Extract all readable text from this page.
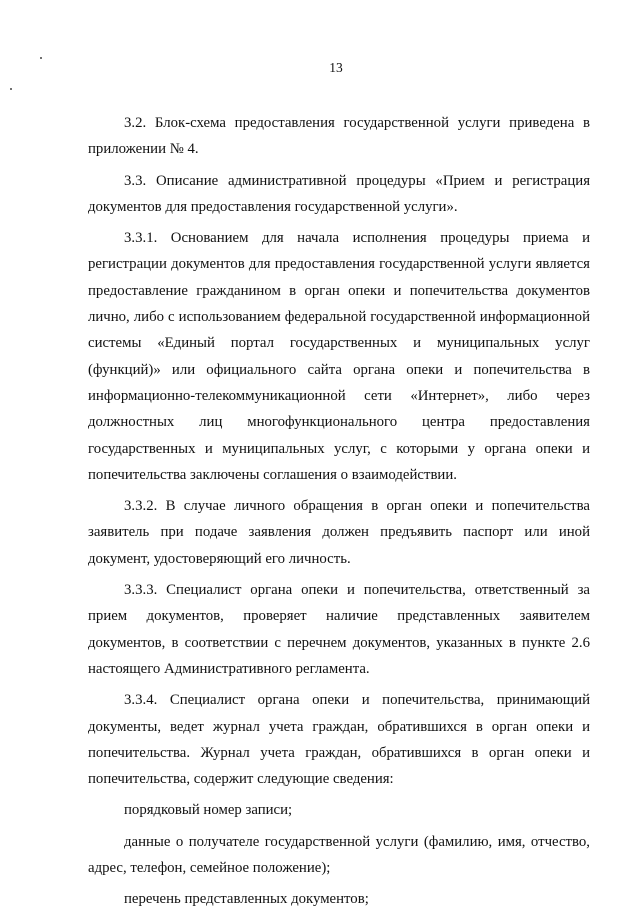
13

3.2. Блок-схема предоставления государственной услуги приведена в приложении № 4.

3.3. Описание административной процедуры «Прием и регистрация документов для предоставления государственной услуги».

3.3.1. Основанием для начала исполнения процедуры приема и регистрации документов для предоставления государственной услуги является предоставление гражданином в орган опеки и попечительства документов лично, либо с использованием федеральной государственной информационной системы «Единый портал государственных и муниципальных услуг (функций)» или официального сайта органа опеки и попечительства в информационно-телекоммуникационной сети «Интернет», либо через должностных лиц многофункционального центра предоставления государственных и муниципальных услуг, с которыми у органа опеки и попечительства заключены соглашения о взаимодействии.

3.3.2. В случае личного обращения в орган опеки и попечительства заявитель при подаче заявления должен предъявить паспорт или иной документ, удостоверяющий его личность.

3.3.3. Специалист органа опеки и попечительства, ответственный за прием документов, проверяет наличие представленных заявителем документов, в соответствии с перечнем документов, указанных в пункте 2.6 настоящего Административного регламента.

3.3.4. Специалист органа опеки и попечительства, принимающий документы, ведет журнал учета граждан, обратившихся в орган опеки и попечительства. Журнал учета граждан, обратившихся в орган опеки и попечительства, содержит следующие сведения:

порядковый номер записи;

данные о получателе государственной услуги (фамилию, имя, отчество, адрес, телефон, семейное положение);

перечень представленных документов;
